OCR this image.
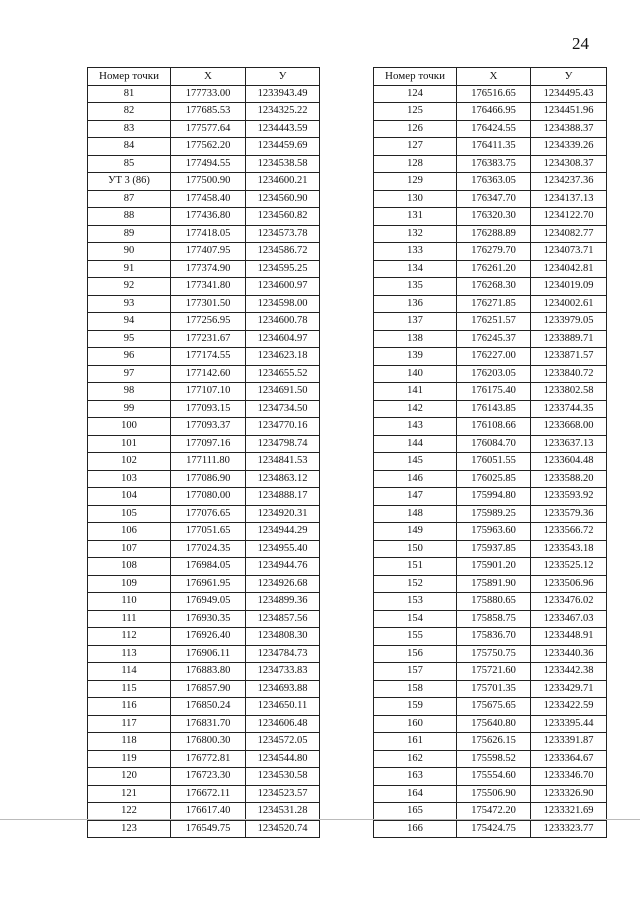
24
Номер точки	X	У
81	177733.00	1233943.49
82	177685.53	1234325.22
83	177577.64	1234443.59
84	177562.20	1234459.69
85	177494.55	1234538.58
УТ 3 (86)	177500.90	1234600.21
87	177458.40	1234560.90
88	177436.80	1234560.82
89	177418.05	1234573.78
90	177407.95	1234586.72
91	177374.90	1234595.25
92	177341.80	1234600.97
93	177301.50	1234598.00
94	177256.95	1234600.78
95	177231.67	1234604.97
96	177174.55	1234623.18
97	177142.60	1234655.52
98	177107.10	1234691.50
99	177093.15	1234734.50
100	177093.37	1234770.16
101	177097.16	1234798.74
102	177111.80	1234841.53
103	177086.90	1234863.12
104	177080.00	1234888.17
105	177076.65	1234920.31
106	177051.65	1234944.29
107	177024.35	1234955.40
108	176984.05	1234944.76
109	176961.95	1234926.68
110	176949.05	1234899.36
111	176930.35	1234857.56
112	176926.40	1234808.30
113	176906.11	1234784.73
114	176883.80	1234733.83
115	176857.90	1234693.88
116	176850.24	1234650.11
117	176831.70	1234606.48
118	176800.30	1234572.05
119	176772.81	1234544.80
120	176723.30	1234530.58
121	176672.11	1234523.57
122	176617.40	1234531.28
123	176549.75	1234520.74
Номер точки	X	У
124	176516.65	1234495.43
125	176466.95	1234451.96
126	176424.55	1234388.37
127	176411.35	1234339.26
128	176383.75	1234308.37
129	176363.05	1234237.36
130	176347.70	1234137.13
131	176320.30	1234122.70
132	176288.89	1234082.77
133	176279.70	1234073.71
134	176261.20	1234042.81
135	176268.30	1234019.09
136	176271.85	1234002.61
137	176251.57	1233979.05
138	176245.37	1233889.71
139	176227.00	1233871.57
140	176203.05	1233840.72
141	176175.40	1233802.58
142	176143.85	1233744.35
143	176108.66	1233668.00
144	176084.70	1233637.13
145	176051.55	1233604.48
146	176025.85	1233588.20
147	175994.80	1233593.92
148	175989.25	1233579.36
149	175963.60	1233566.72
150	175937.85	1233543.18
151	175901.20	1233525.12
152	175891.90	1233506.96
153	175880.65	1233476.02
154	175858.75	1233467.03
155	175836.70	1233448.91
156	175750.75	1233440.36
157	175721.60	1233442.38
158	175701.35	1233429.71
159	175675.65	1233422.59
160	175640.80	1233395.44
161	175626.15	1233391.87
162	175598.52	1233364.67
163	175554.60	1233346.70
164	175506.90	1233326.90
165	175472.20	1233321.69
166	175424.75	1233323.77
